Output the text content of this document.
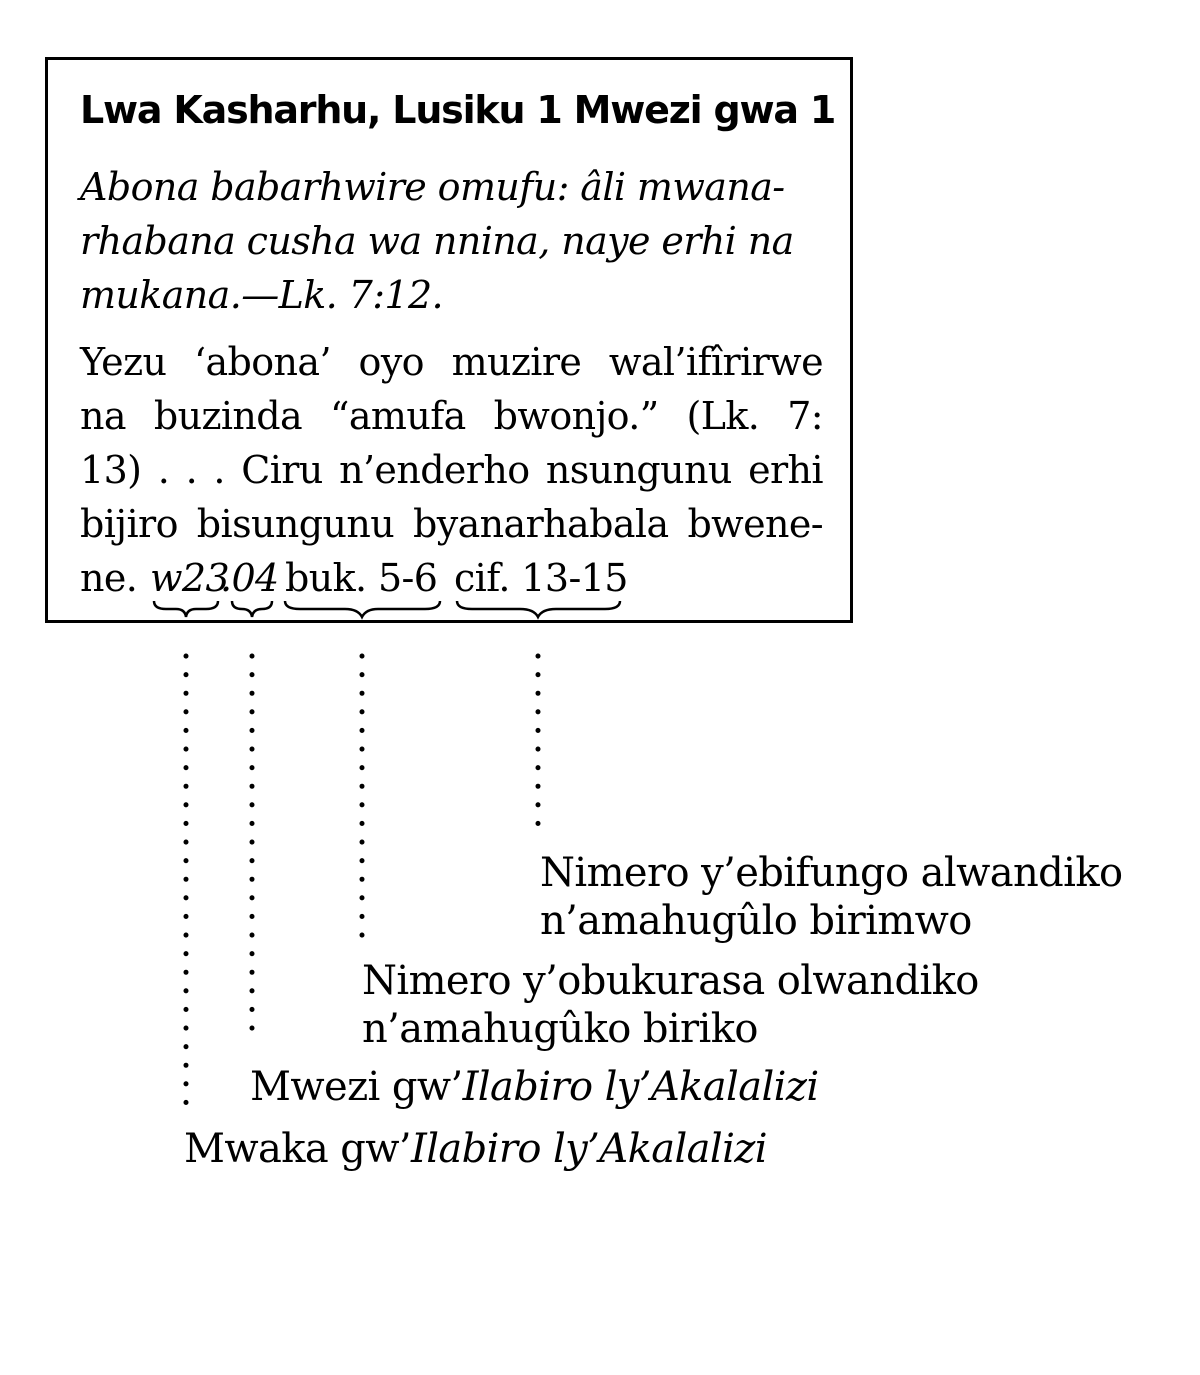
Lwa Kasharhu, Lusiku 1 Mwezi gwa 1
Abona babarhwire omufu: âli mwana-
rhabana cusha wa nnina, naye erhi na
mukana.—Lk. 7:12.
Yezu ‘abona’ oyo muzire wal’ifîrirwe
na buzinda “amufa bwonjo.” (Lk. 7:
13) . . . Ciru n’enderho nsungunu erhi
bijiro bisungunu byanarhabala bwene-
ne. w23
.04 buk. 5-6 cif. 13-15
Nimero y’ebifungo alwandiko
n’amahugûlo birimwo
Nimero y’obukurasa olwandiko
n’amahugûko biriko
Mwezi gw’Ilabiro ly’Akalalizi
Mwaka gw’Ilabiro ly’Akalalizi
